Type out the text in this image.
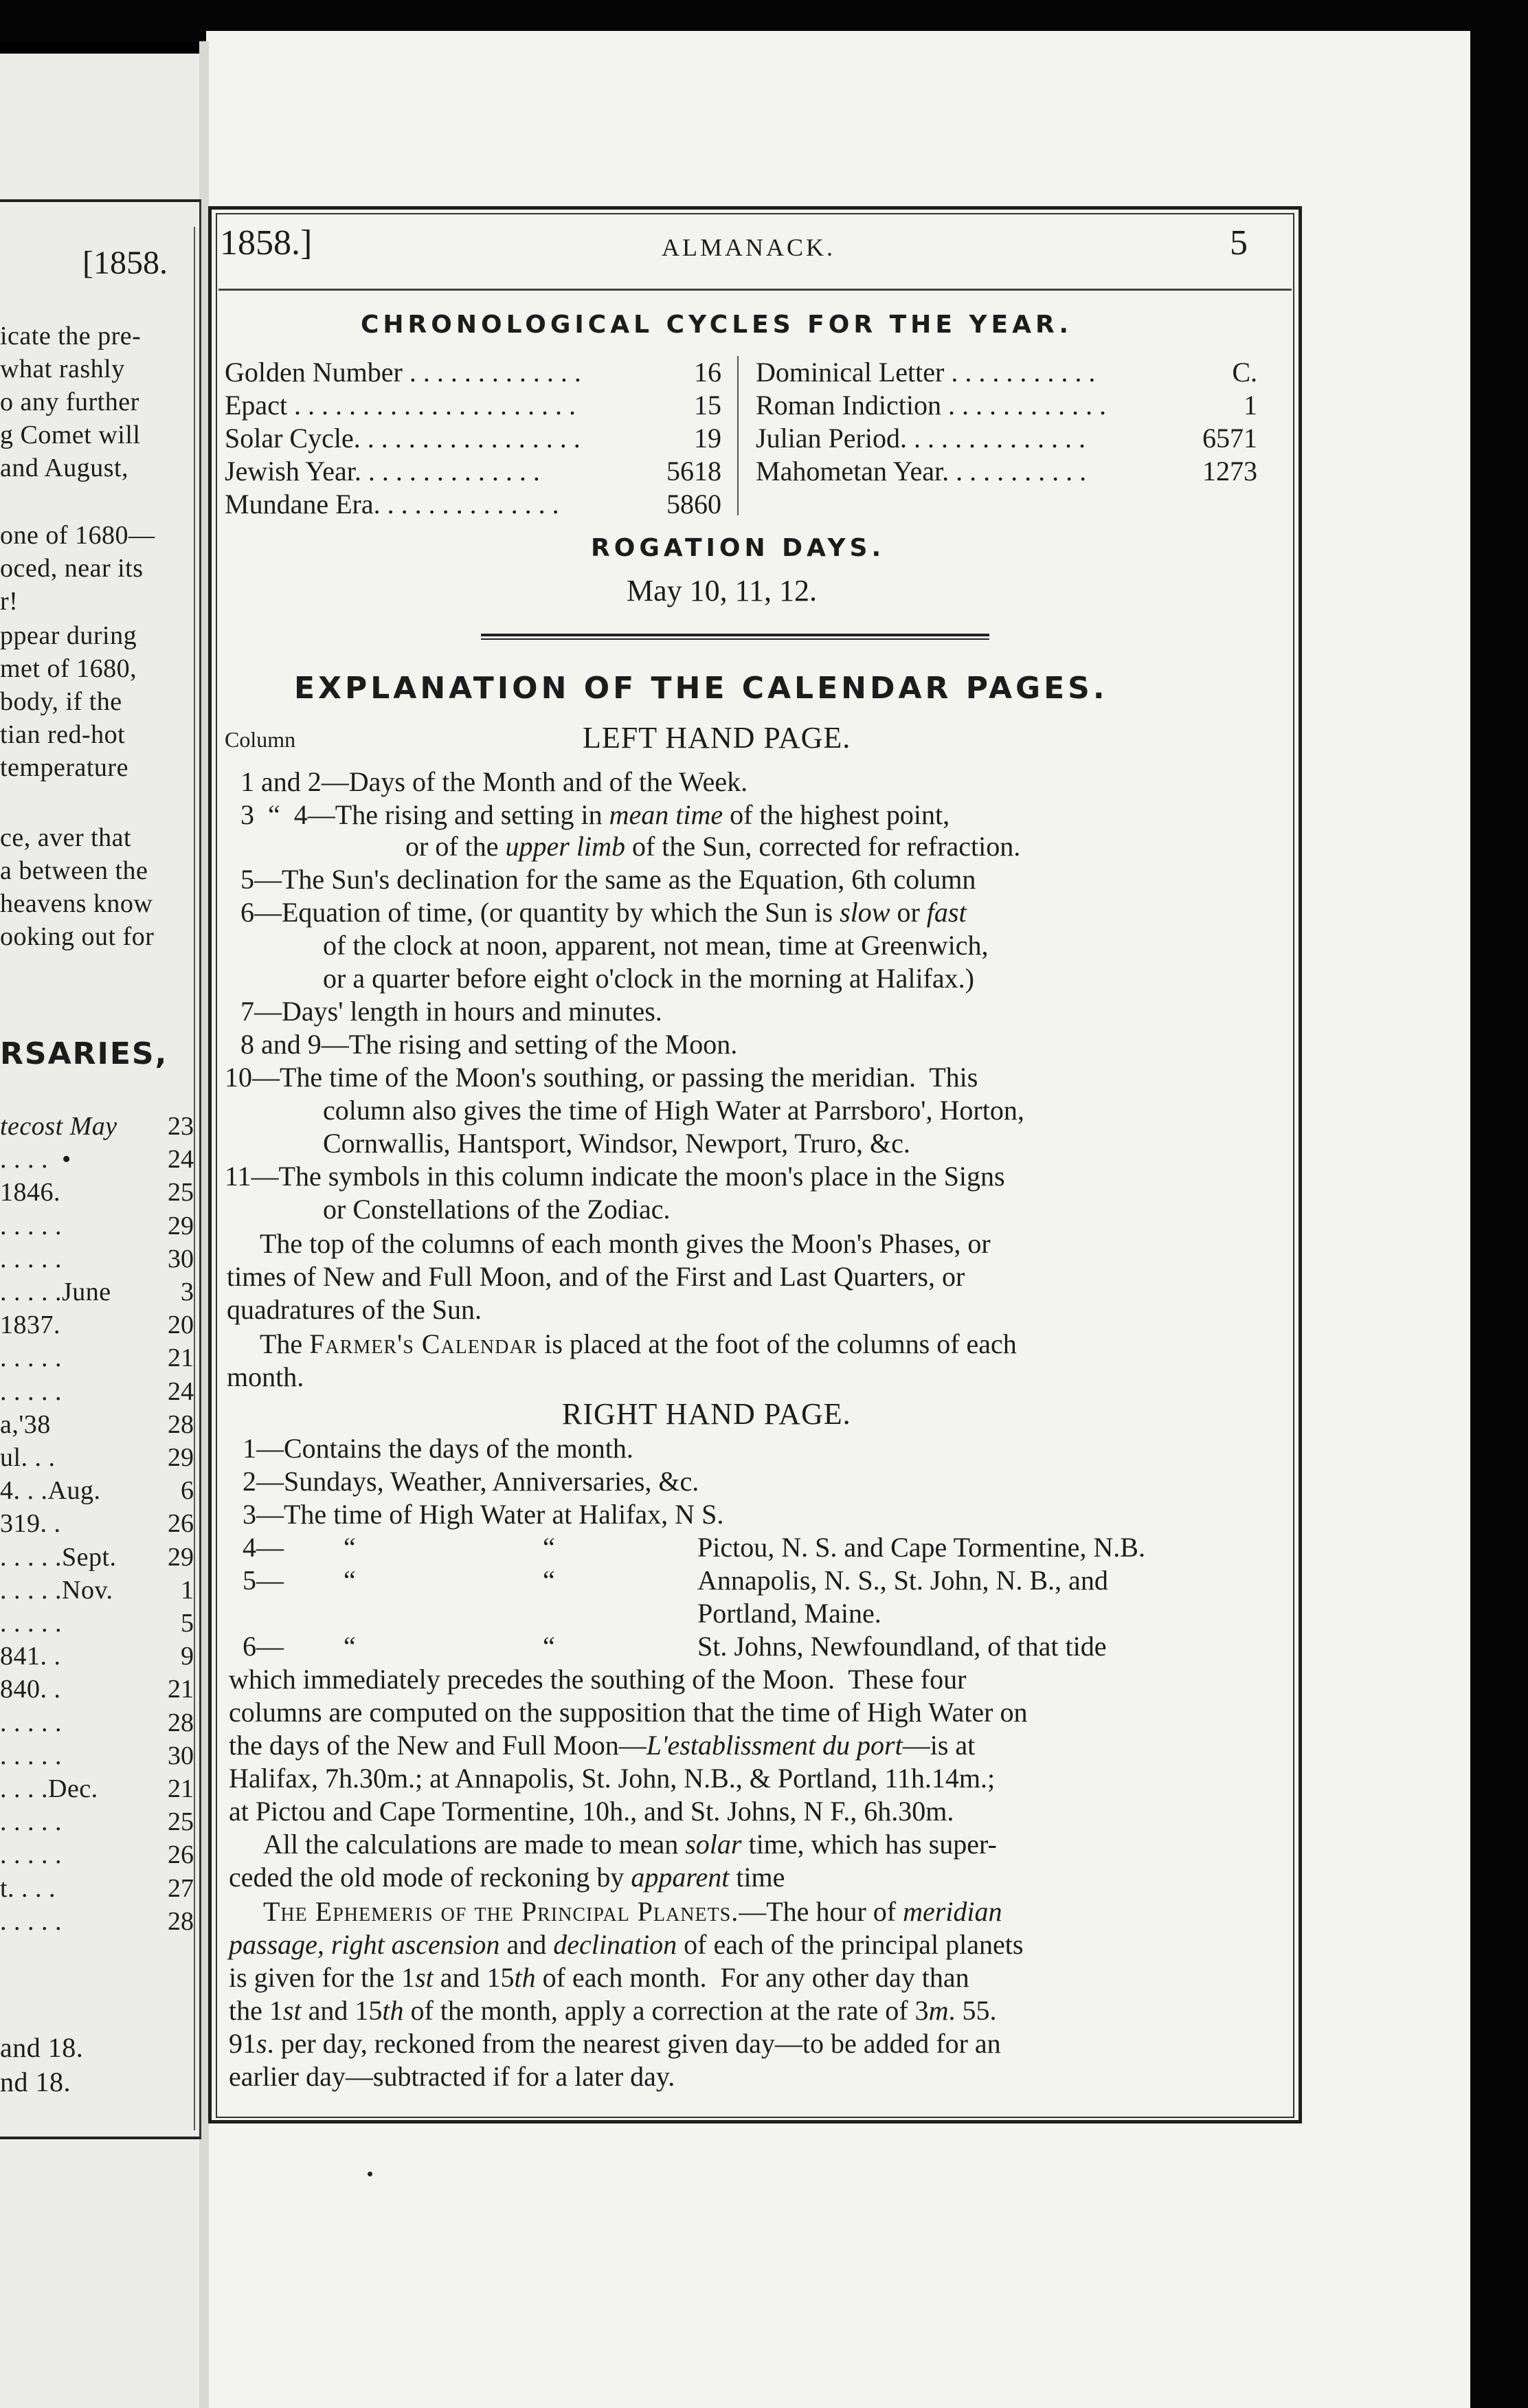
[1858.
icate the pre-
what rashly
o any further
g Comet will
and August,
one of 1680—
oced, near its
r!
ppear during
met of 1680,
body, if the
tian red-hot
temperature
ce, aver that
a between the
heavens know
ooking out for
RSARIES,
and 18.
nd 18.
1858.]	ALMANACK.	5
CHRONOLOGICAL CYCLES FOR THE YEAR.
Golden Number . . . . . . . . . . . . .	16
Epact . . . . . . . . . . . . . . . . . . . . .	15
Solar Cycle. . . . . . . . . . . . . . . . .	19
Jewish Year. . . . . . . . . . . . . .	5618
Mundane Era. . . . . . . . . . . . . .	5860
Dominical Letter . . . . . . . . . . .	C.
Roman Indiction . . . . . . . . . . . .	1
Julian Period. . . . . . . . . . . . . .	6571
Mahometan Year. . . . . . . . . . .	1273
ROGATION DAYS.
May 10, 11, 12.
EXPLANATION OF THE CALENDAR PAGES.
Column	LEFT HAND PAGE.
1 and 2—Days of the Month and of the Week.
3  “  4—The rising and setting in mean time of the highest point,
or of the upper limb of the Sun, corrected for refraction.
5—The Sun's declination for the same as the Equation, 6th column
6—Equation of time, (or quantity by which the Sun is slow or fast
of the clock at noon, apparent, not mean, time at Greenwich,
or a quarter before eight o'clock in the morning at Halifax.)
7—Days' length in hours and minutes.
8 and 9—The rising and setting of the Moon.
10—The time of the Moon's southing, or passing the meridian.  This
column also gives the time of High Water at Parrsboro', Horton,
Cornwallis, Hantsport, Windsor, Newport, Truro, &c.
11—The symbols in this column indicate the moon's place in the Signs
or Constellations of the Zodiac.
The top of the columns of each month gives the Moon's Phases, or
times of New and Full Moon, and of the First and Last Quarters, or
quadratures of the Sun.
The Farmer's Calendar is placed at the foot of the columns of each
month.
RIGHT HAND PAGE.
1—Contains the days of the month.
2—Sundays, Weather, Anniversaries, &c.
3—The time of High Water at Halifax, N S.
4— “	“	Pictou, N. S. and Cape Tormentine, N.B.
5— “	“	Annapolis, N. S., St. John, N. B., and
Portland, Maine.
6— “	“	St. Johns, Newfoundland, of that tide
which immediately precedes the southing of the Moon.  These four
columns are computed on the supposition that the time of High Water on
the days of the New and Full Moon—L'establissment du port—is at
Halifax, 7h.30m.; at Annapolis, St. John, N.B., & Portland, 11h.14m.;
at Pictou and Cape Tormentine, 10h., and St. Johns, N F., 6h.30m.
All the calculations are made to mean solar time, which has super-
ceded the old mode of reckoning by apparent time
The Ephemeris of the Principal Planets.—The hour of meridian
passage, right ascension and declination of each of the principal planets
is given for the 1st and 15th of each month.  For any other day than
the 1st and 15th of the month, apply a correction at the rate of 3m. 55.
91s. per day, reckoned from the nearest given day—to be added for an
earlier day—subtracted if for a later day.
tecost May	23
. . . .  •	24
1846.	25
. . . . .	29
. . . . .	30
. . . . .June	3
1837.	20
. . . . .	21
. . . . .	24
a,'38	28
ul. . .	29
4. . .Aug.	6
319. .	26
. . . . .Sept.	29
. . . . .Nov.	1
. . . . .	5
841. .	9
840. .	21
. . . . .	28
. . . . .	30
. . . .Dec.	21
. . . . .	25
. . . . .	26
t. . . .	27
. . . . .	28
